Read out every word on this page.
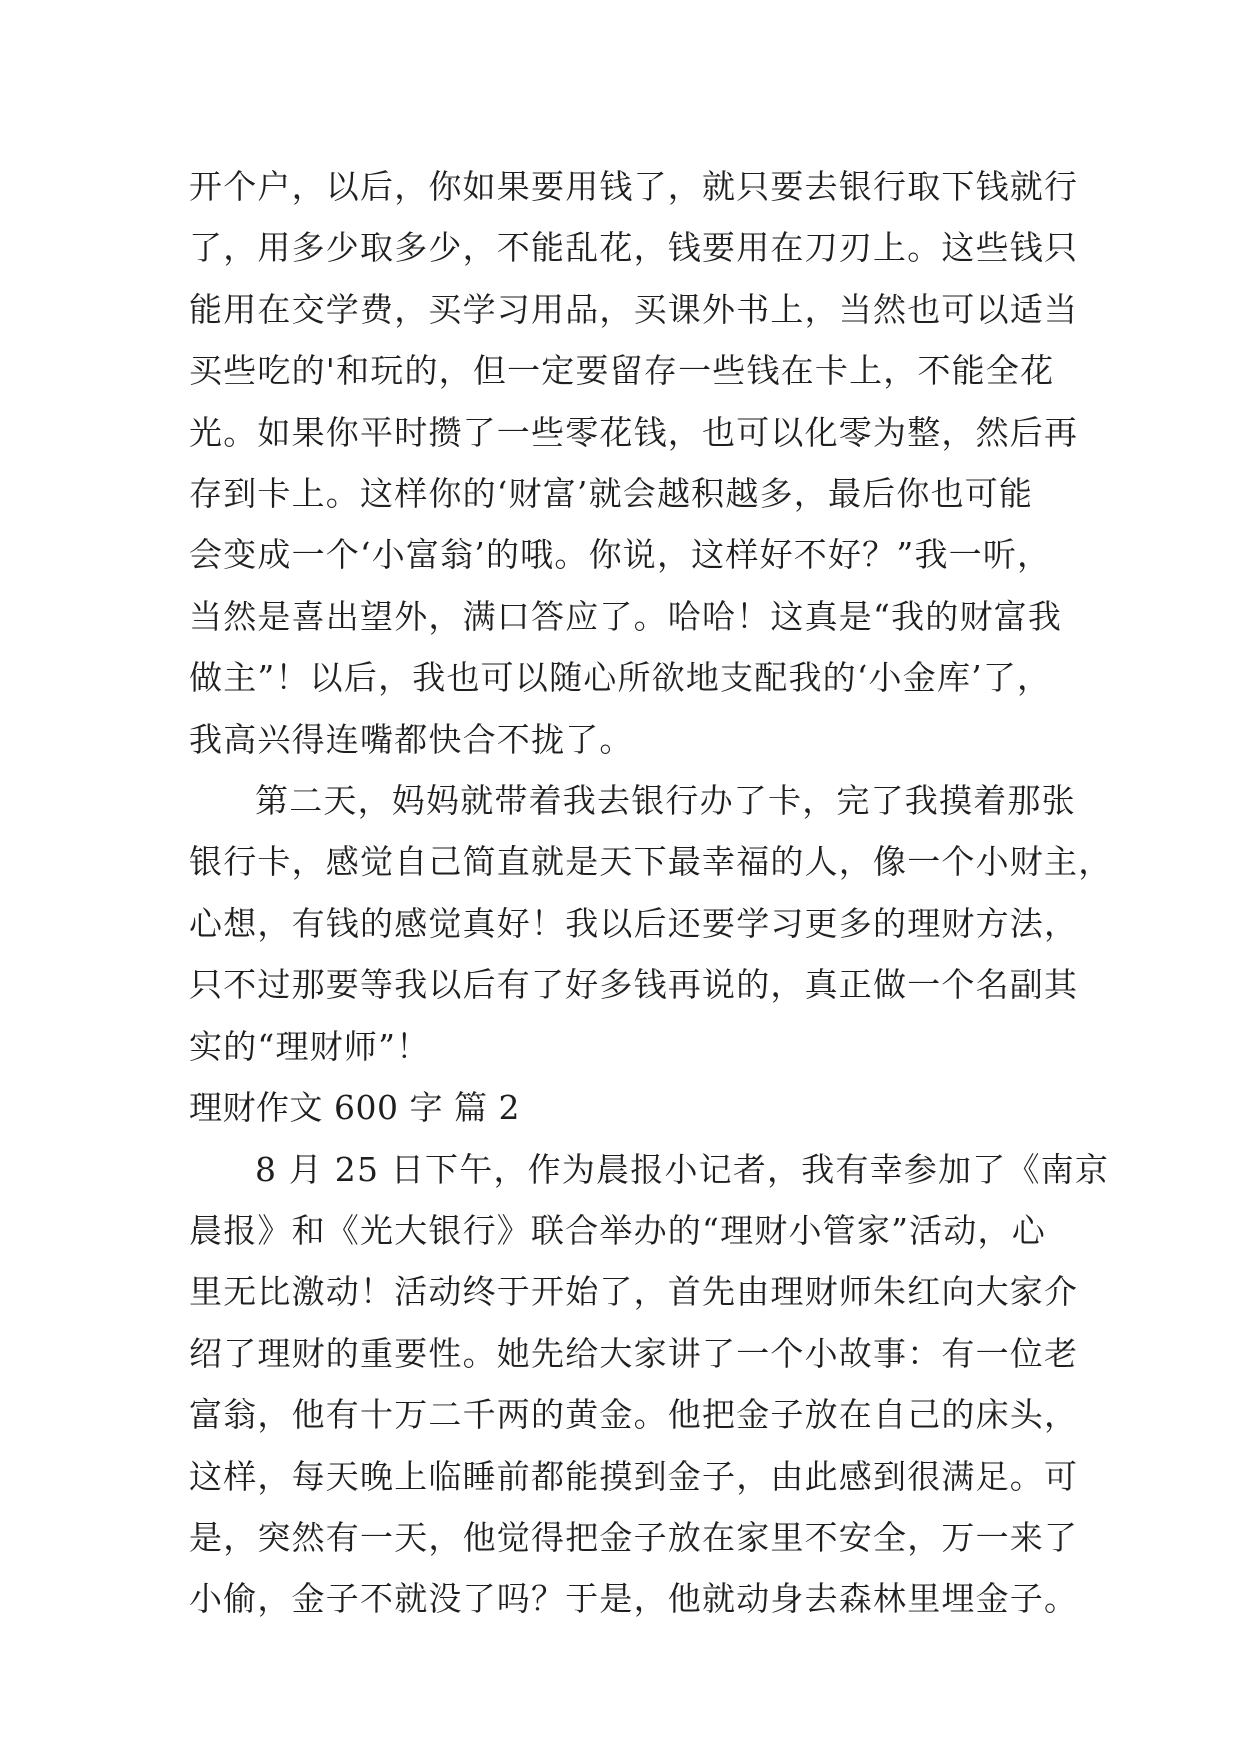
开个户，以后，你如果要用钱了，就只要去银行取下钱就行
了，用多少取多少，不能乱花，钱要用在刀刃上。这些钱只
能用在交学费，买学习用品，买课外书上，当然也可以适当
买些吃的'和玩的，但一定要留存一些钱在卡上，不能全花
光。如果你平时攒了一些零花钱，也可以化零为整，然后再
存到卡上。这样你的‘财富’就会越积越多，最后你也可能
会变成一个‘小富翁’的哦。你说，这样好不好？”我一听，
当然是喜出望外，满口答应了。哈哈！这真是“我的财富我
做主”！以后，我也可以随心所欲地支配我的‘小金库’了，
我高兴得连嘴都快合不拢了。
第二天，妈妈就带着我去银行办了卡，完了我摸着那张
银行卡，感觉自己简直就是天下最幸福的人，像一个小财主，
心想，有钱的感觉真好！我以后还要学习更多的理财方法，
只不过那要等我以后有了好多钱再说的，真正做一个名副其
实的“理财师”！
理财作文 600 字 篇 2
8 月 25 日下午，作为晨报小记者，我有幸参加了《南京
晨报》和《光大银行》联合举办的“理财小管家”活动，心
里无比激动！活动终于开始了，首先由理财师朱红向大家介
绍了理财的重要性。她先给大家讲了一个小故事：有一位老
富翁，他有十万二千两的黄金。他把金子放在自己的床头，
这样，每天晚上临睡前都能摸到金子，由此感到很满足。可
是，突然有一天，他觉得把金子放在家里不安全，万一来了
小偷，金子不就没了吗？于是，他就动身去森林里埋金子。
